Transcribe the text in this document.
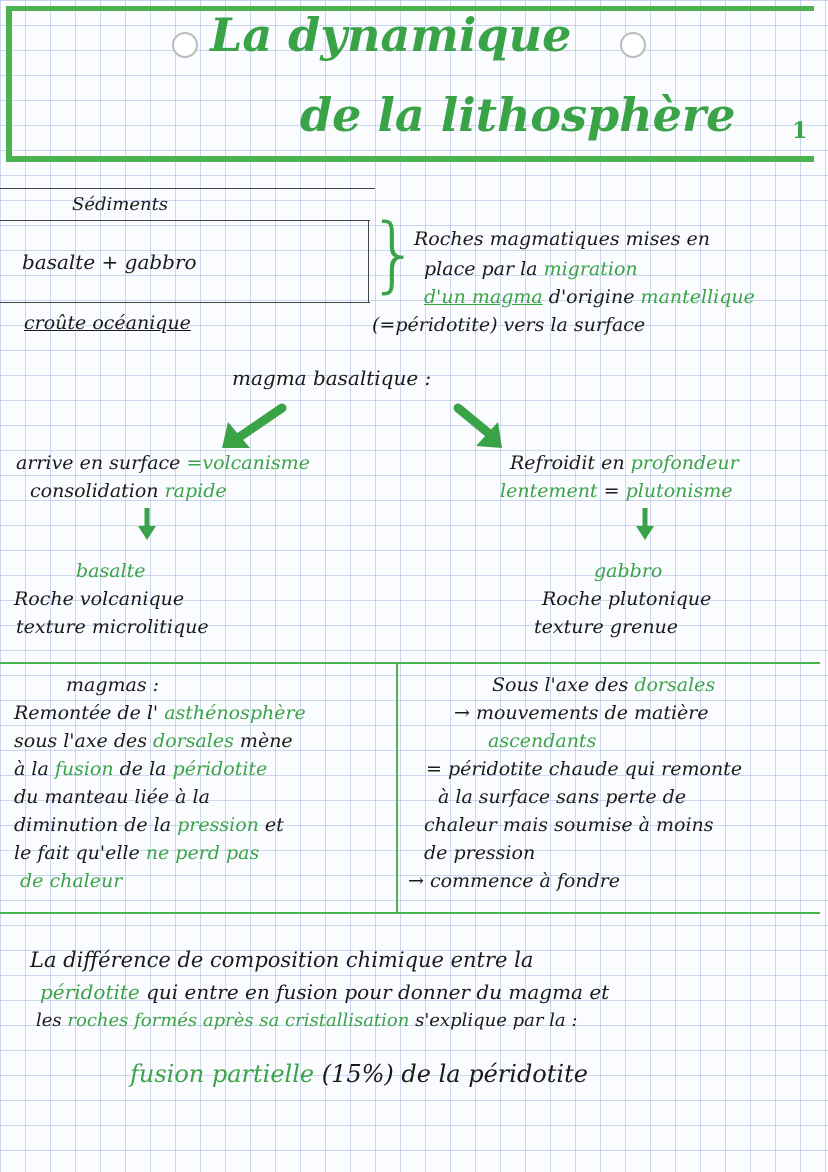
La dynamique
de la lithosphère	1
Sédiments
basalte + gabbro
croûte océanique
}
Roches magmatiques mises en
place par la migration
d'un magma d'origine mantellique
(=péridotite) vers la surface
magma basaltique :
arrive en surface =volcanisme
consolidation rapide
basalte
Roche volcanique
texture microlitique
Refroidit en profondeur
lentement = plutonisme
gabbro
Roche plutonique
texture grenue
magmas :
Remontée de l' asthénosphère
sous l'axe des dorsales mène
à la fusion de la péridotite
du manteau liée à la
diminution de la pression et
le fait qu'elle ne perd pas
de chaleur
Sous l'axe des dorsales
→ mouvements de matière
ascendants
= péridotite chaude qui remonte
à la surface sans perte de
chaleur mais soumise à moins
de pression
→ commence à fondre
La différence de composition chimique entre la
péridotite qui entre en fusion pour donner du magma et
les roches formés après sa cristallisation s'explique par la :
fusion partielle (15%) de la péridotite
